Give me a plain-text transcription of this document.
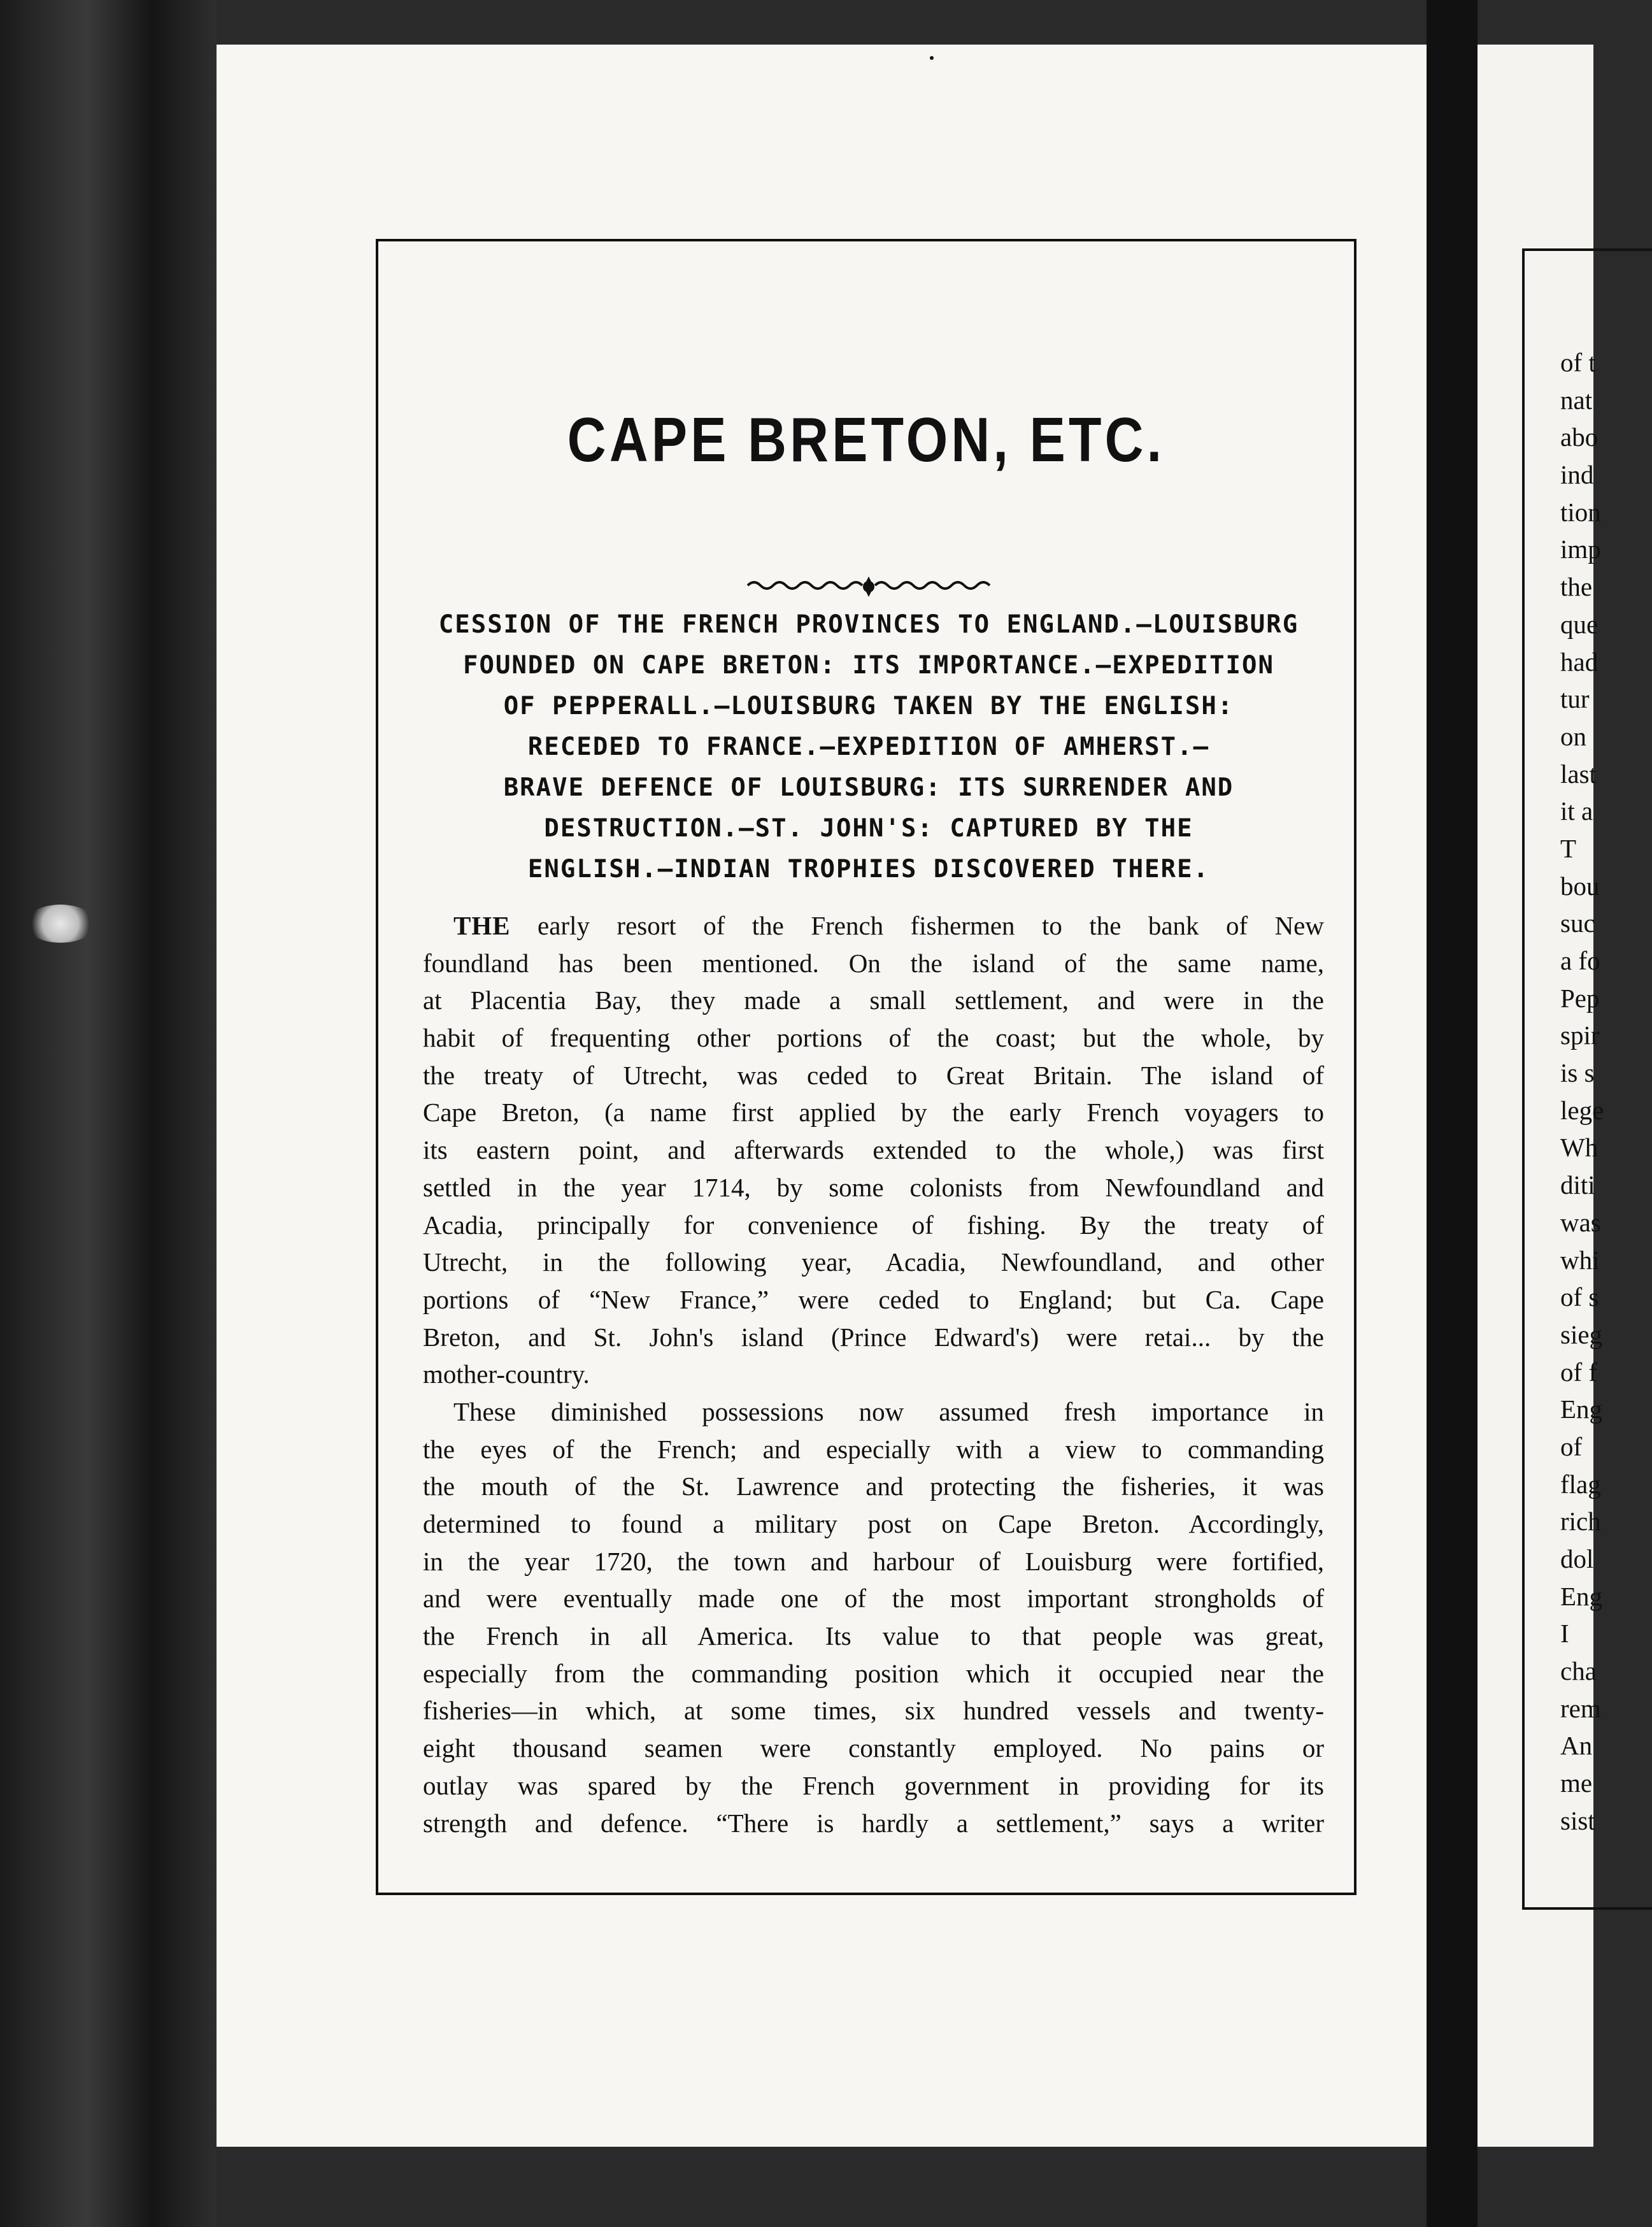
CAPE BRETON, ETC.
CESSION OF THE FRENCH PROVINCES TO ENGLAND.—LOUISBURG
FOUNDED ON CAPE BRETON: ITS IMPORTANCE.—EXPEDITION
OF PEPPERALL.—LOUISBURG TAKEN BY THE ENGLISH:
RECEDED TO FRANCE.—EXPEDITION OF AMHERST.—
BRAVE DEFENCE OF LOUISBURG: ITS SURRENDER AND
DESTRUCTION.—ST. JOHN'S: CAPTURED BY THE
ENGLISH.—INDIAN TROPHIES DISCOVERED THERE.
THE early resort of the French fishermen to the bank of New
foundland has been mentioned. On the island of the same name,
at Placentia Bay, they made a small settlement, and were in the
habit of frequenting other portions of the coast; but the whole, by
the treaty of Utrecht, was ceded to Great Britain. The island of
Cape Breton, (a name first applied by the early French voyagers to
its eastern point, and afterwards extended to the whole,) was first
settled in the year 1714, by some colonists from Newfoundland and
Acadia, principally for convenience of fishing. By the treaty of
Utrecht, in the following year, Acadia, Newfoundland, and other
portions of “New France,” were ceded to England; but Ca. Cape
Breton, and St. John's island (Prince Edward's) were retai... by the
mother-country.
These diminished possessions now assumed fresh importance in
the eyes of the French; and especially with a view to commanding
the mouth of the St. Lawrence and protecting the fisheries, it was
determined to found a military post on Cape Breton. Accordingly,
in the year 1720, the town and harbour of Louisburg were fortified,
and were eventually made one of the most important strongholds of
the French in all America. Its value to that people was great,
especially from the commanding position which it occupied near the
fisheries—in which, at some times, six hundred vessels and twenty-
eight thousand seamen were constantly employed. No pains or
outlay was spared by the French government in providing for its
strength and defence. “There is hardly a settlement,” says a writer
of t
nat
abo
ind
tion
imp
the
que
had
tur
on
last
it a
T
bou
suc
a fo
Pep
spir
is s
lege
Wh
diti
was
whi
of s
sieg
of f
Eng
of
flag
rich
dol
Eng
I
cha
rem
An
me
sist
